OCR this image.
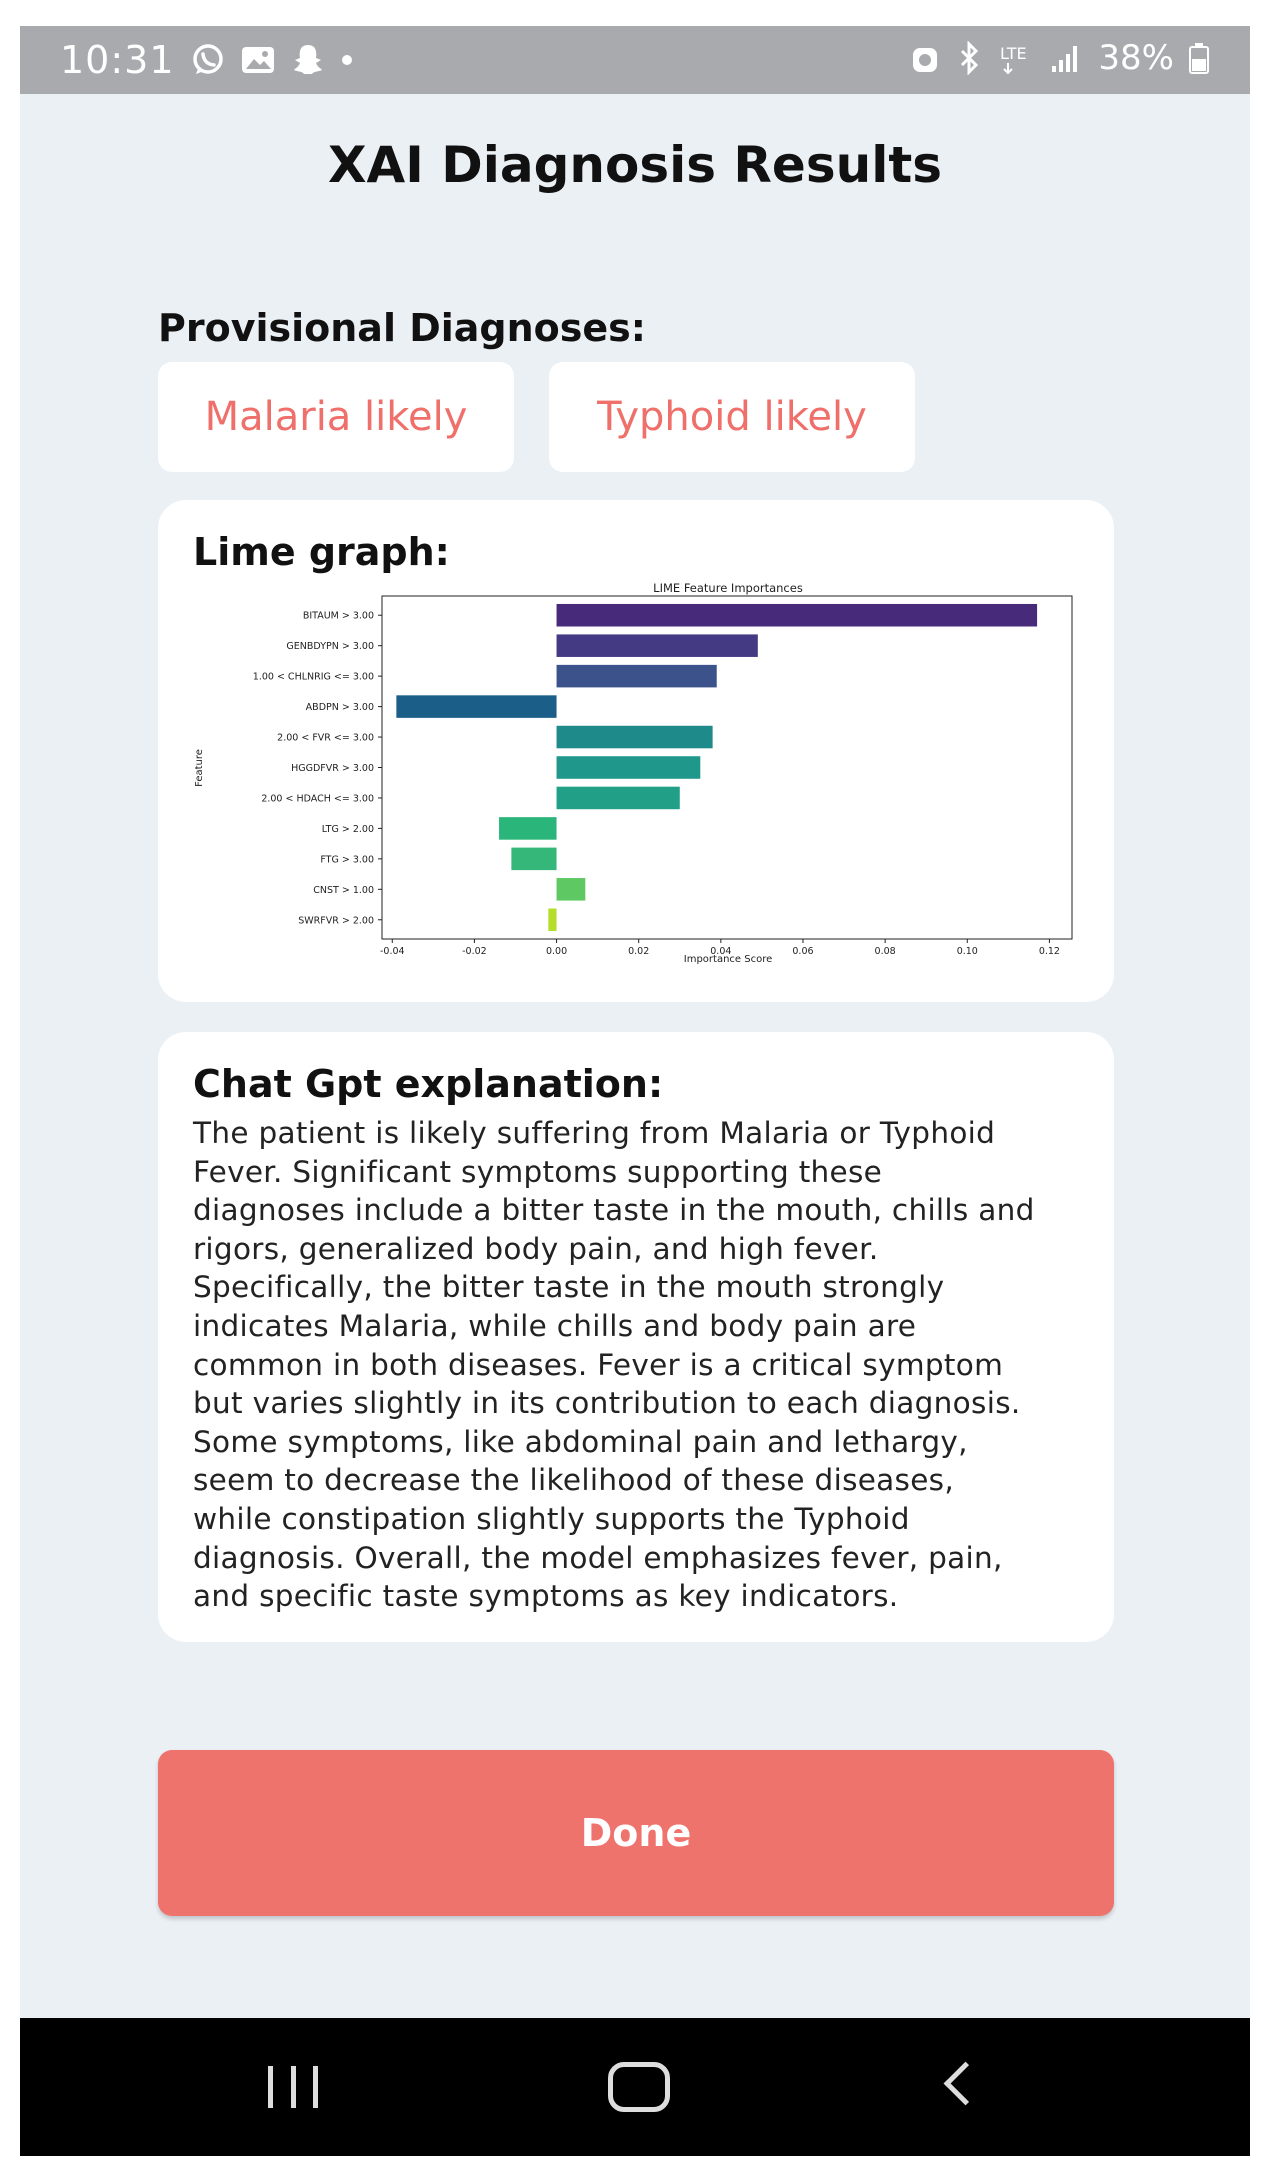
10:31	LTE 38%
XAI Diagnosis Results
Provisional Diagnoses:
Malaria likely	Typhoid likely
Lime graph:
LIME Feature Importances
Feature
Importance Score
BITAUM > 3.00
GENBDYPN > 3.00
1.00 < CHLNRIG <= 3.00
ABDPN > 3.00
2.00 < FVR <= 3.00
HGGDFVR > 3.00
2.00 < HDACH <= 3.00
LTG > 2.00
FTG > 3.00
CNST > 1.00
SWRFVR > 2.00
-0.04	-0.02	0.00	0.02	0.04	0.06	0.08	0.10	0.12
Chat Gpt explanation:
The patient is likely suffering from Malaria or Typhoid
Fever. Significant symptoms supporting these
diagnoses include a bitter taste in the mouth, chills and
rigors, generalized body pain, and high fever.
Specifically, the bitter taste in the mouth strongly
indicates Malaria, while chills and body pain are
common in both diseases. Fever is a critical symptom
but varies slightly in its contribution to each diagnosis.
Some symptoms, like abdominal pain and lethargy,
seem to decrease the likelihood of these diseases,
while constipation slightly supports the Typhoid
diagnosis. Overall, the model emphasizes fever, pain,
and specific taste symptoms as key indicators.
Done
